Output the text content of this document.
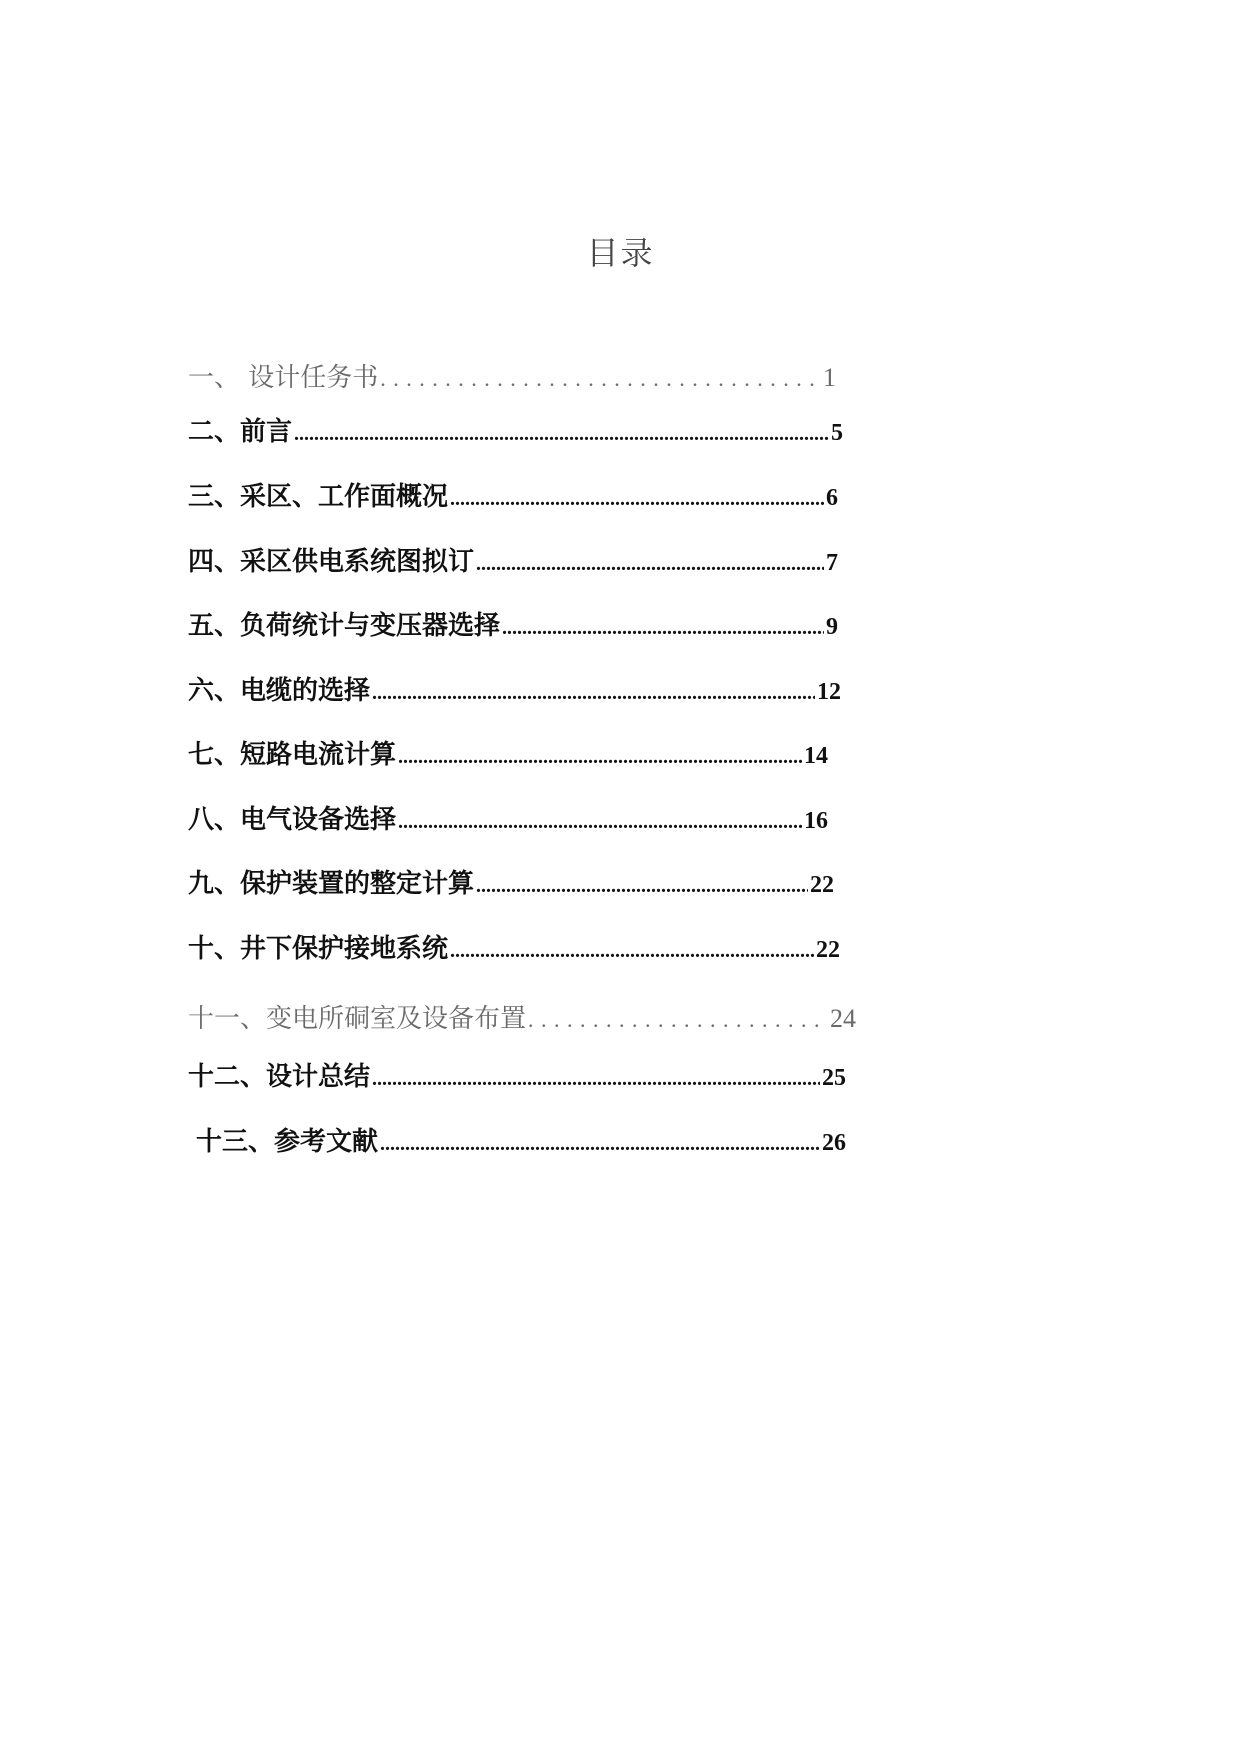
目录
一、 设计任务书 . . .	1
二、前言 .....	5
三、采区、工作面概况 .....	6
四、采区供电系统图拟订 .....	7
五、负荷统计与变压器选择 .....	9
六、电缆的选择 .....	12
七、短路电流计算 .....	14
八、电气设备选择 .....	16
九、保护装置的整定计算 .....	22
十、井下保护接地系统 .....	22
十一、变电所硐室及设备布置 . . .	24
十二、设计总结 .....	25
十三、参考文献 .....	26
